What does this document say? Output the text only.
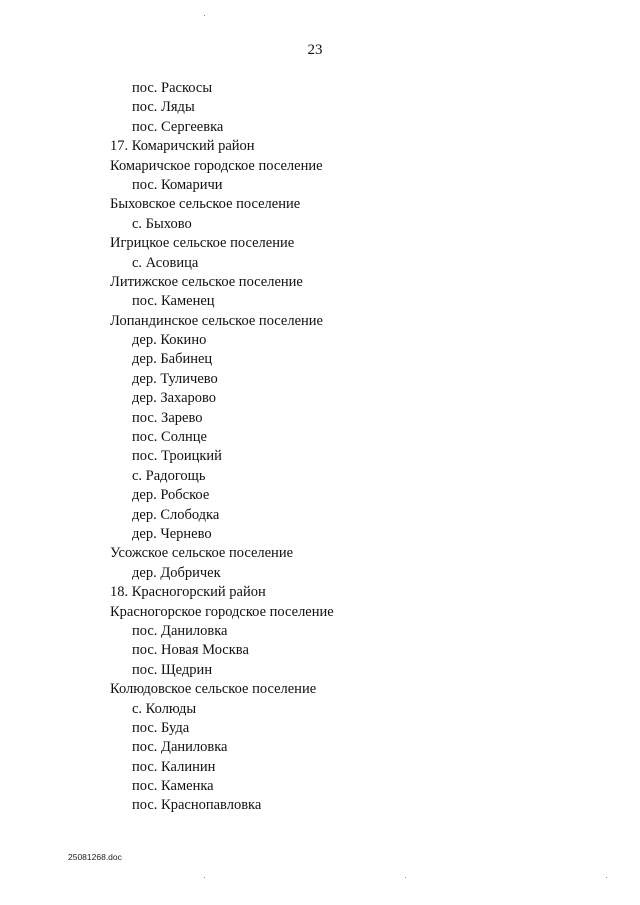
23
пос. Раскосы
пос. Ляды
пос. Сергеевка
17. Комаричский район
Комаричское городское поселение
пос. Комаричи
Быховское сельское поселение
с. Быхово
Игрицкое сельское поселение
с. Асовица
Литижское сельское поселение
пос. Каменец
Лопандинское сельское поселение
дер. Кокино
дер. Бабинец
дер. Туличево
дер. Захарово
пос. Зарево
пос. Солнце
пос. Троицкий
с. Радогощь
дер. Робское
дер. Слободка
дер. Чернево
Усожское сельское поселение
дер. Добричек
18. Красногорский район
Красногорское городское поселение
пос. Даниловка
пос. Новая Москва
пос. Щедрин
Колюдовское сельское поселение
с. Колюды
пос. Буда
пос. Даниловка
пос. Калинин
пос. Каменка
пос. Краснопавловка
25081268.doc
